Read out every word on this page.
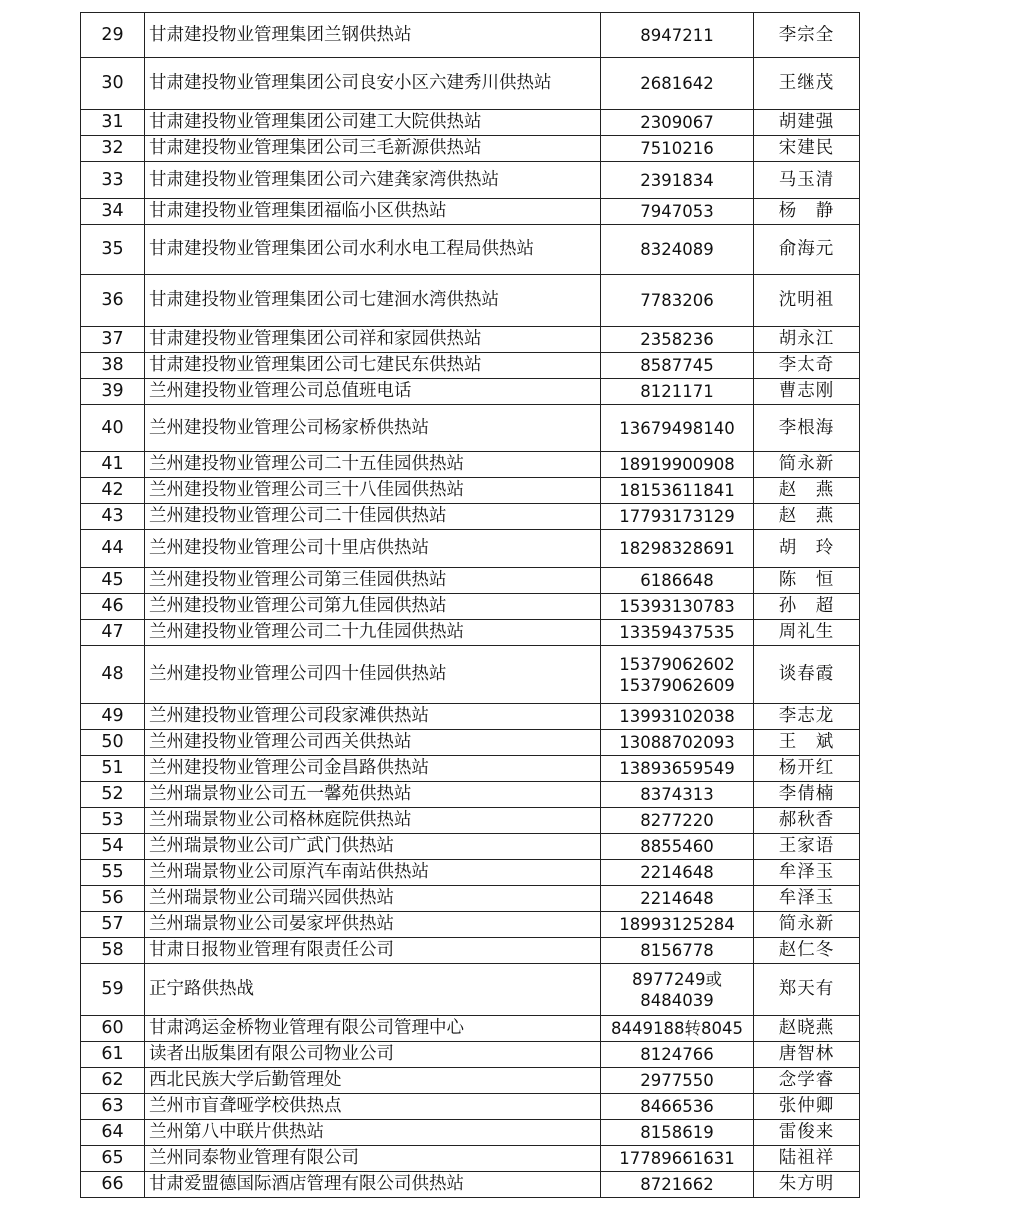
29	甘肃建投物业管理集团兰钢供热站	8947211	李宗全
30	甘肃建投物业管理集团公司良安小区六建秀川供热站	2681642	王继茂
31	甘肃建投物业管理集团公司建工大院供热站	2309067	胡建强
32	甘肃建投物业管理集团公司三毛新源供热站	7510216	宋建民
33	甘肃建投物业管理集团公司六建龚家湾供热站	2391834	马玉清
34	甘肃建投物业管理集团福临小区供热站	7947053	杨　静
35	甘肃建投物业管理集团公司水利水电工程局供热站	8324089	俞海元
36	甘肃建投物业管理集团公司七建洄水湾供热站	7783206	沈明祖
37	甘肃建投物业管理集团公司祥和家园供热站	2358236	胡永江
38	甘肃建投物业管理集团公司七建民东供热站	8587745	李太奇
39	兰州建投物业管理公司总值班电话	8121171	曹志刚
40	兰州建投物业管理公司杨家桥供热站	13679498140	李根海
41	兰州建投物业管理公司二十五佳园供热站	18919900908	简永新
42	兰州建投物业管理公司三十八佳园供热站	18153611841	赵　燕
43	兰州建投物业管理公司二十佳园供热站	17793173129	赵　燕
44	兰州建投物业管理公司十里店供热站	18298328691	胡　玲
45	兰州建投物业管理公司第三佳园供热站	6186648	陈　恒
46	兰州建投物业管理公司第九佳园供热站	15393130783	孙　超
47	兰州建投物业管理公司二十九佳园供热站	13359437535	周礼生
48	兰州建投物业管理公司四十佳园供热站	15379062602
15379062609	谈春霞
49	兰州建投物业管理公司段家滩供热站	13993102038	李志龙
50	兰州建投物业管理公司西关供热站	13088702093	王　斌
51	兰州建投物业管理公司金昌路供热站	13893659549	杨开红
52	兰州瑞景物业公司五一馨苑供热站	8374313	李倩楠
53	兰州瑞景物业公司格林庭院供热站	8277220	郝秋香
54	兰州瑞景物业公司广武门供热站	8855460	王家语
55	兰州瑞景物业公司原汽车南站供热站	2214648	牟泽玉
56	兰州瑞景物业公司瑞兴园供热站	2214648	牟泽玉
57	兰州瑞景物业公司晏家坪供热站	18993125284	简永新
58	甘肃日报物业管理有限责任公司	8156778	赵仁冬
59	正宁路供热战	8977249或
8484039	郑天有
60	甘肃鸿运金桥物业管理有限公司管理中心	8449188转8045	赵晓燕
61	读者出版集团有限公司物业公司	8124766	唐智林
62	西北民族大学后勤管理处	2977550	念学睿
63	兰州市盲聋哑学校供热点	8466536	张仲卿
64	兰州第八中联片供热站	8158619	雷俊来
65	兰州同泰物业管理有限公司	17789661631	陆祖祥
66	甘肃爱盟德国际酒店管理有限公司供热站	8721662	朱方明
